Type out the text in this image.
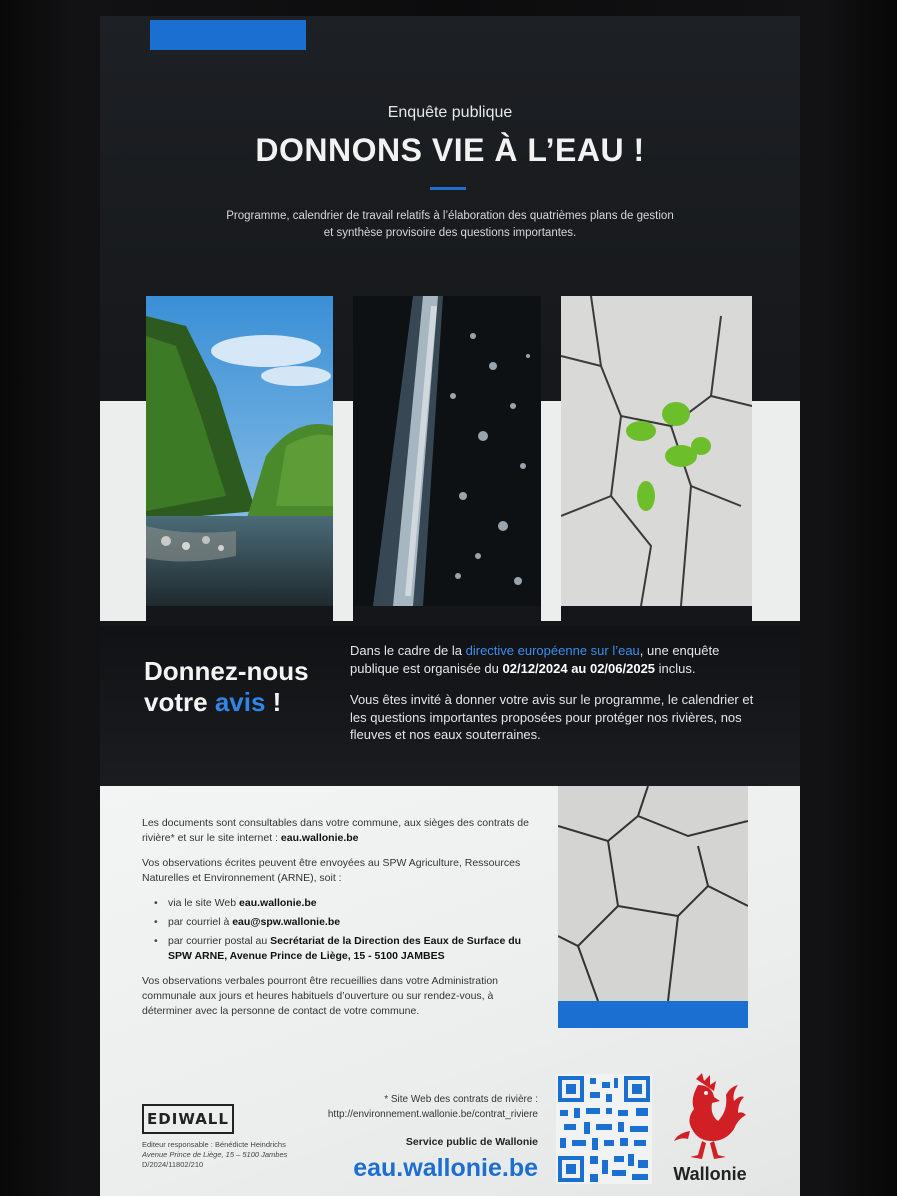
Enquête publique
DONNONS VIE À L’EAU !
Programme, calendrier de travail relatifs à l’élaboration des quatrièmes plans de gestion et synthèse provisoire des questions importantes.
Donnez-nous
votre avis !

Dans le cadre de la directive européenne sur l’eau, une enquête publique est organisée du 02/12/2024 au 02/06/2025 inclus.

Vous êtes invité à donner votre avis sur le programme, le calendrier et les questions importantes proposées pour protéger nos rivières, nos fleuves et nos eaux souterraines.

Les documents sont consultables dans votre commune, aux sièges des contrats de rivière* et sur le site internet : eau.wallonie.be

Vos observations écrites peuvent être envoyées au SPW Agriculture, Ressources Naturelles et Environnement (ARNE), soit :

• via le site Web eau.wallonie.be
• par courriel à eau@spw.wallonie.be
• par courrier postal au Secrétariat de la Direction des Eaux de Surface du SPW ARNE, Avenue Prince de Liège, 15 - 5100 JAMBES

Vos observations verbales pourront être recueillies dans votre Administration communale aux jours et heures habituels d’ouverture ou sur rendez-vous, à déterminer avec la personne de contact de votre commune.

EDIWALL
Editeur responsable : Bénédicte Heindrichs
Avenue Prince de Liège, 15 – 5100 Jambes
D/2024/11802/210
* Site Web des contrats de rivière :
http://environnement.wallonie.be/contrat_riviere
Service public de Wallonie
eau.wallonie.be	Wallonie
